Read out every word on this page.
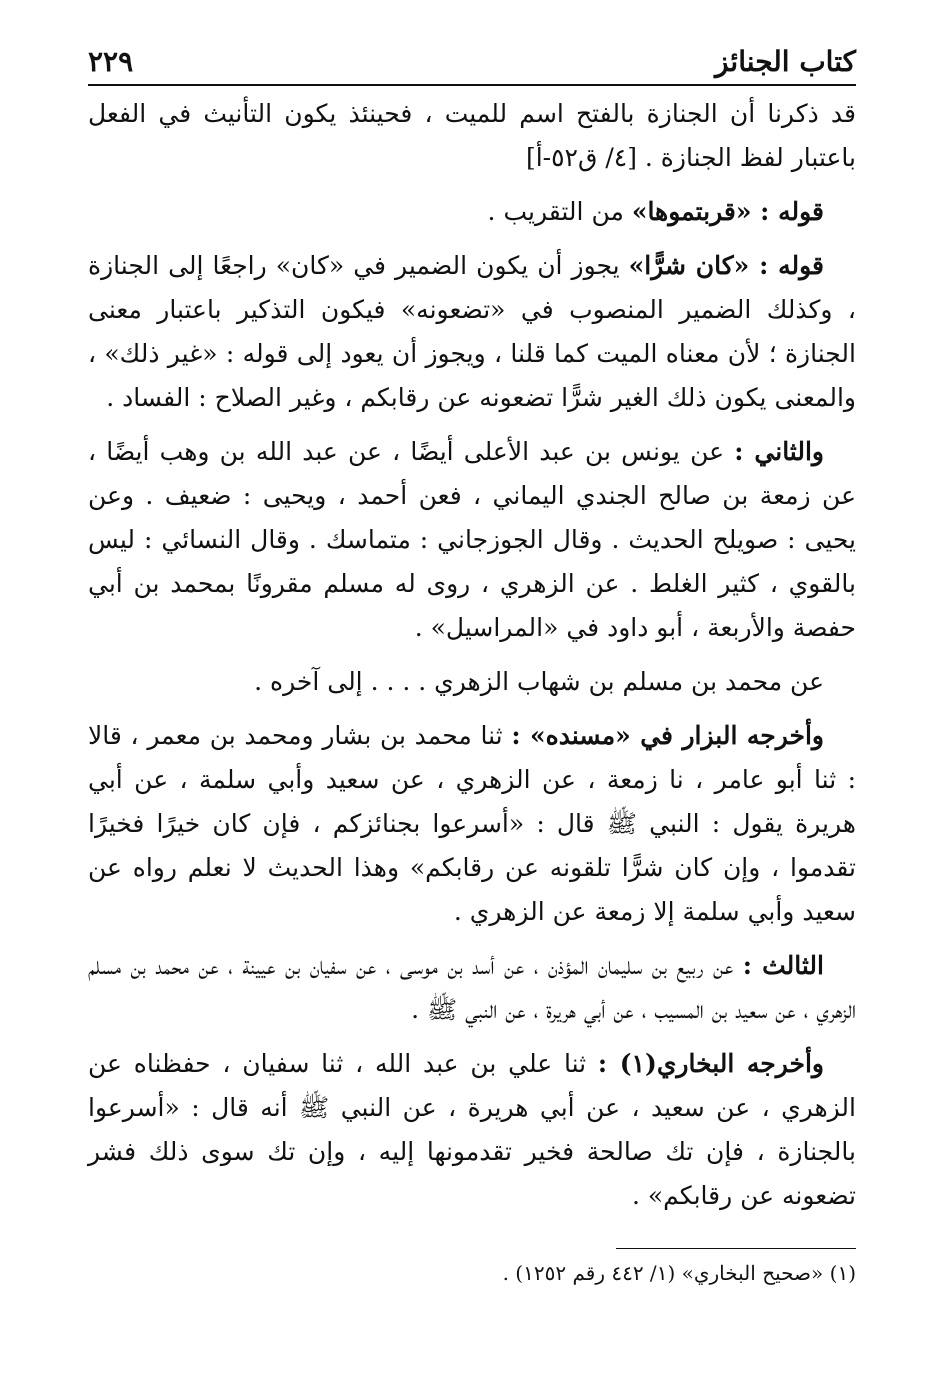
كتاب الجنائز
٢٢٩

قد ذكرنا أن الجنازة بالفتح اسم للميت ، فحينئذ يكون التأنيث في الفعل باعتبار لفظ الجنازة . [٤/ ق٥٢-أ]

قوله : «قربتموها» من التقريب .

قوله : «كان شرًّا» يجوز أن يكون الضمير في «كان» راجعًا إلى الجنازة ، وكذلك الضمير المنصوب في «تضعونه» فيكون التذكير باعتبار معنى الجنازة ؛ لأن معناه الميت كما قلنا ، ويجوز أن يعود إلى قوله : «غير ذلك» ، والمعنى يكون ذلك الغير شرًّا تضعونه عن رقابكم ، وغير الصلاح : الفساد .

والثاني : عن يونس بن عبد الأعلى أيضًا ، عن عبد الله بن وهب أيضًا ، عن زمعة بن صالح الجندي اليماني ، فعن أحمد ، ويحيى : ضعيف . وعن يحيى : صويلح الحديث . وقال الجوزجاني : متماسك . وقال النسائي : ليس بالقوي ، كثير الغلط . عن الزهري ، روى له مسلم مقرونًا بمحمد بن أبي حفصة والأربعة ، أبو داود في «المراسيل» .

عن محمد بن مسلم بن شهاب الزهري . . . . إلى آخره .

وأخرجه البزار في «مسنده» : ثنا محمد بن بشار ومحمد بن معمر ، قالا : ثنا أبو عامر ، نا زمعة ، عن الزهري ، عن سعيد وأبي سلمة ، عن أبي هريرة يقول : النبي ﷺ قال : «أسرعوا بجنائزكم ، فإن كان خيرًا فخيرًا تقدموا ، وإن كان شرًّا تلقونه عن رقابكم» وهذا الحديث لا نعلم رواه عن سعيد وأبي سلمة إلا زمعة عن الزهري .

الثالث : عن ربيع بن سليمان المؤذن ، عن أسد بن موسى ، عن سفيان بن عيينة ، عن محمد بن مسلم الزهري ، عن سعيد بن المسيب ، عن أبي هريرة ، عن النبي ﷺ .

وأخرجه البخاري(١) : ثنا علي بن عبد الله ، ثنا سفيان ، حفظناه عن الزهري ، عن سعيد ، عن أبي هريرة ، عن النبي ﷺ أنه قال : «أسرعوا بالجنازة ، فإن تك صالحة فخير تقدمونها إليه ، وإن تك سوى ذلك فشر تضعونه عن رقابكم» .

(١) «صحيح البخاري» (١/ ٤٤٢ رقم ١٢٥٢) .
